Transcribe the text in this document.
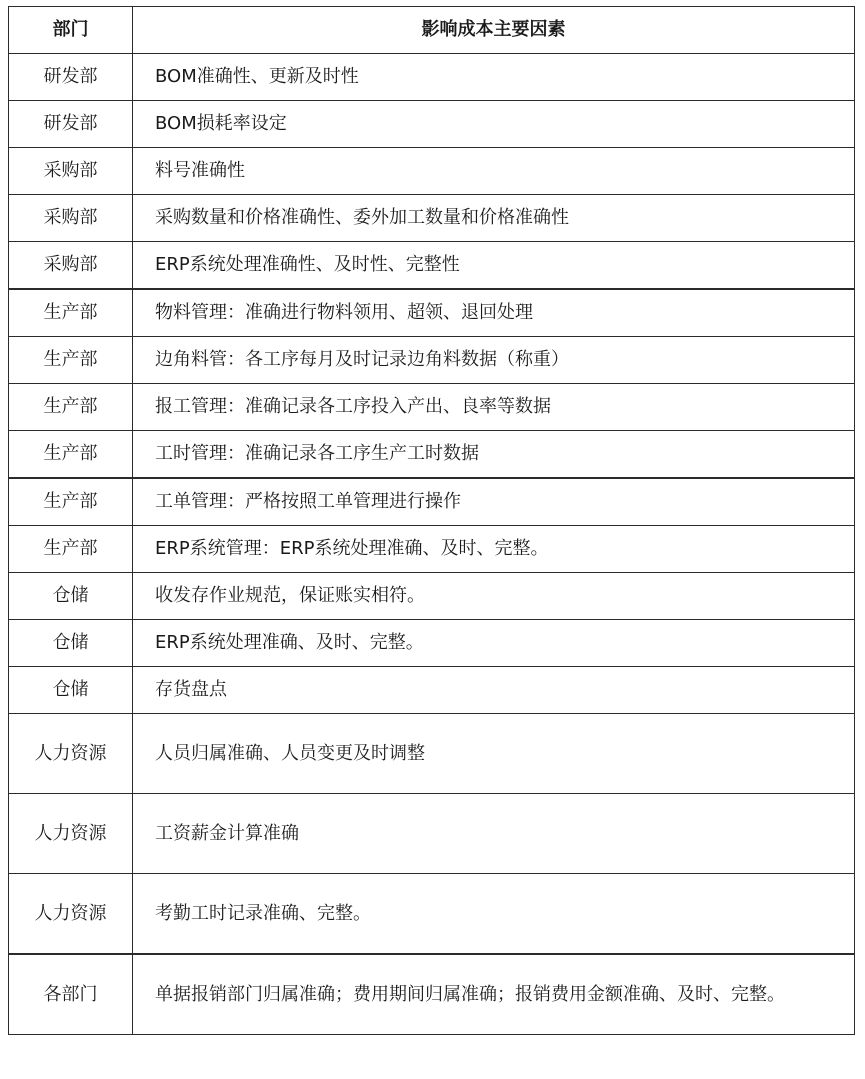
部门	影响成本主要因素
研发部	BOM准确性、更新及时性
研发部	BOM损耗率设定
采购部	料号准确性
采购部	采购数量和价格准确性、委外加工数量和价格准确性
采购部	ERP系统处理准确性、及时性、完整性
生产部	物料管理：准确进行物料领用、超领、退回处理
生产部	边角料管：各工序每月及时记录边角料数据（称重）
生产部	报工管理：准确记录各工序投入产出、良率等数据
生产部	工时管理：准确记录各工序生产工时数据
生产部	工单管理：严格按照工单管理进行操作
生产部	ERP系统管理：ERP系统处理准确、及时、完整。
仓储	收发存作业规范，保证账实相符。
仓储	ERP系统处理准确、及时、完整。
仓储	存货盘点
人力资源	人员归属准确、人员变更及时调整
人力资源	工资薪金计算准确
人力资源	考勤工时记录准确、完整。
各部门	单据报销部门归属准确；费用期间归属准确；报销费用金额准确、及时、完整。
